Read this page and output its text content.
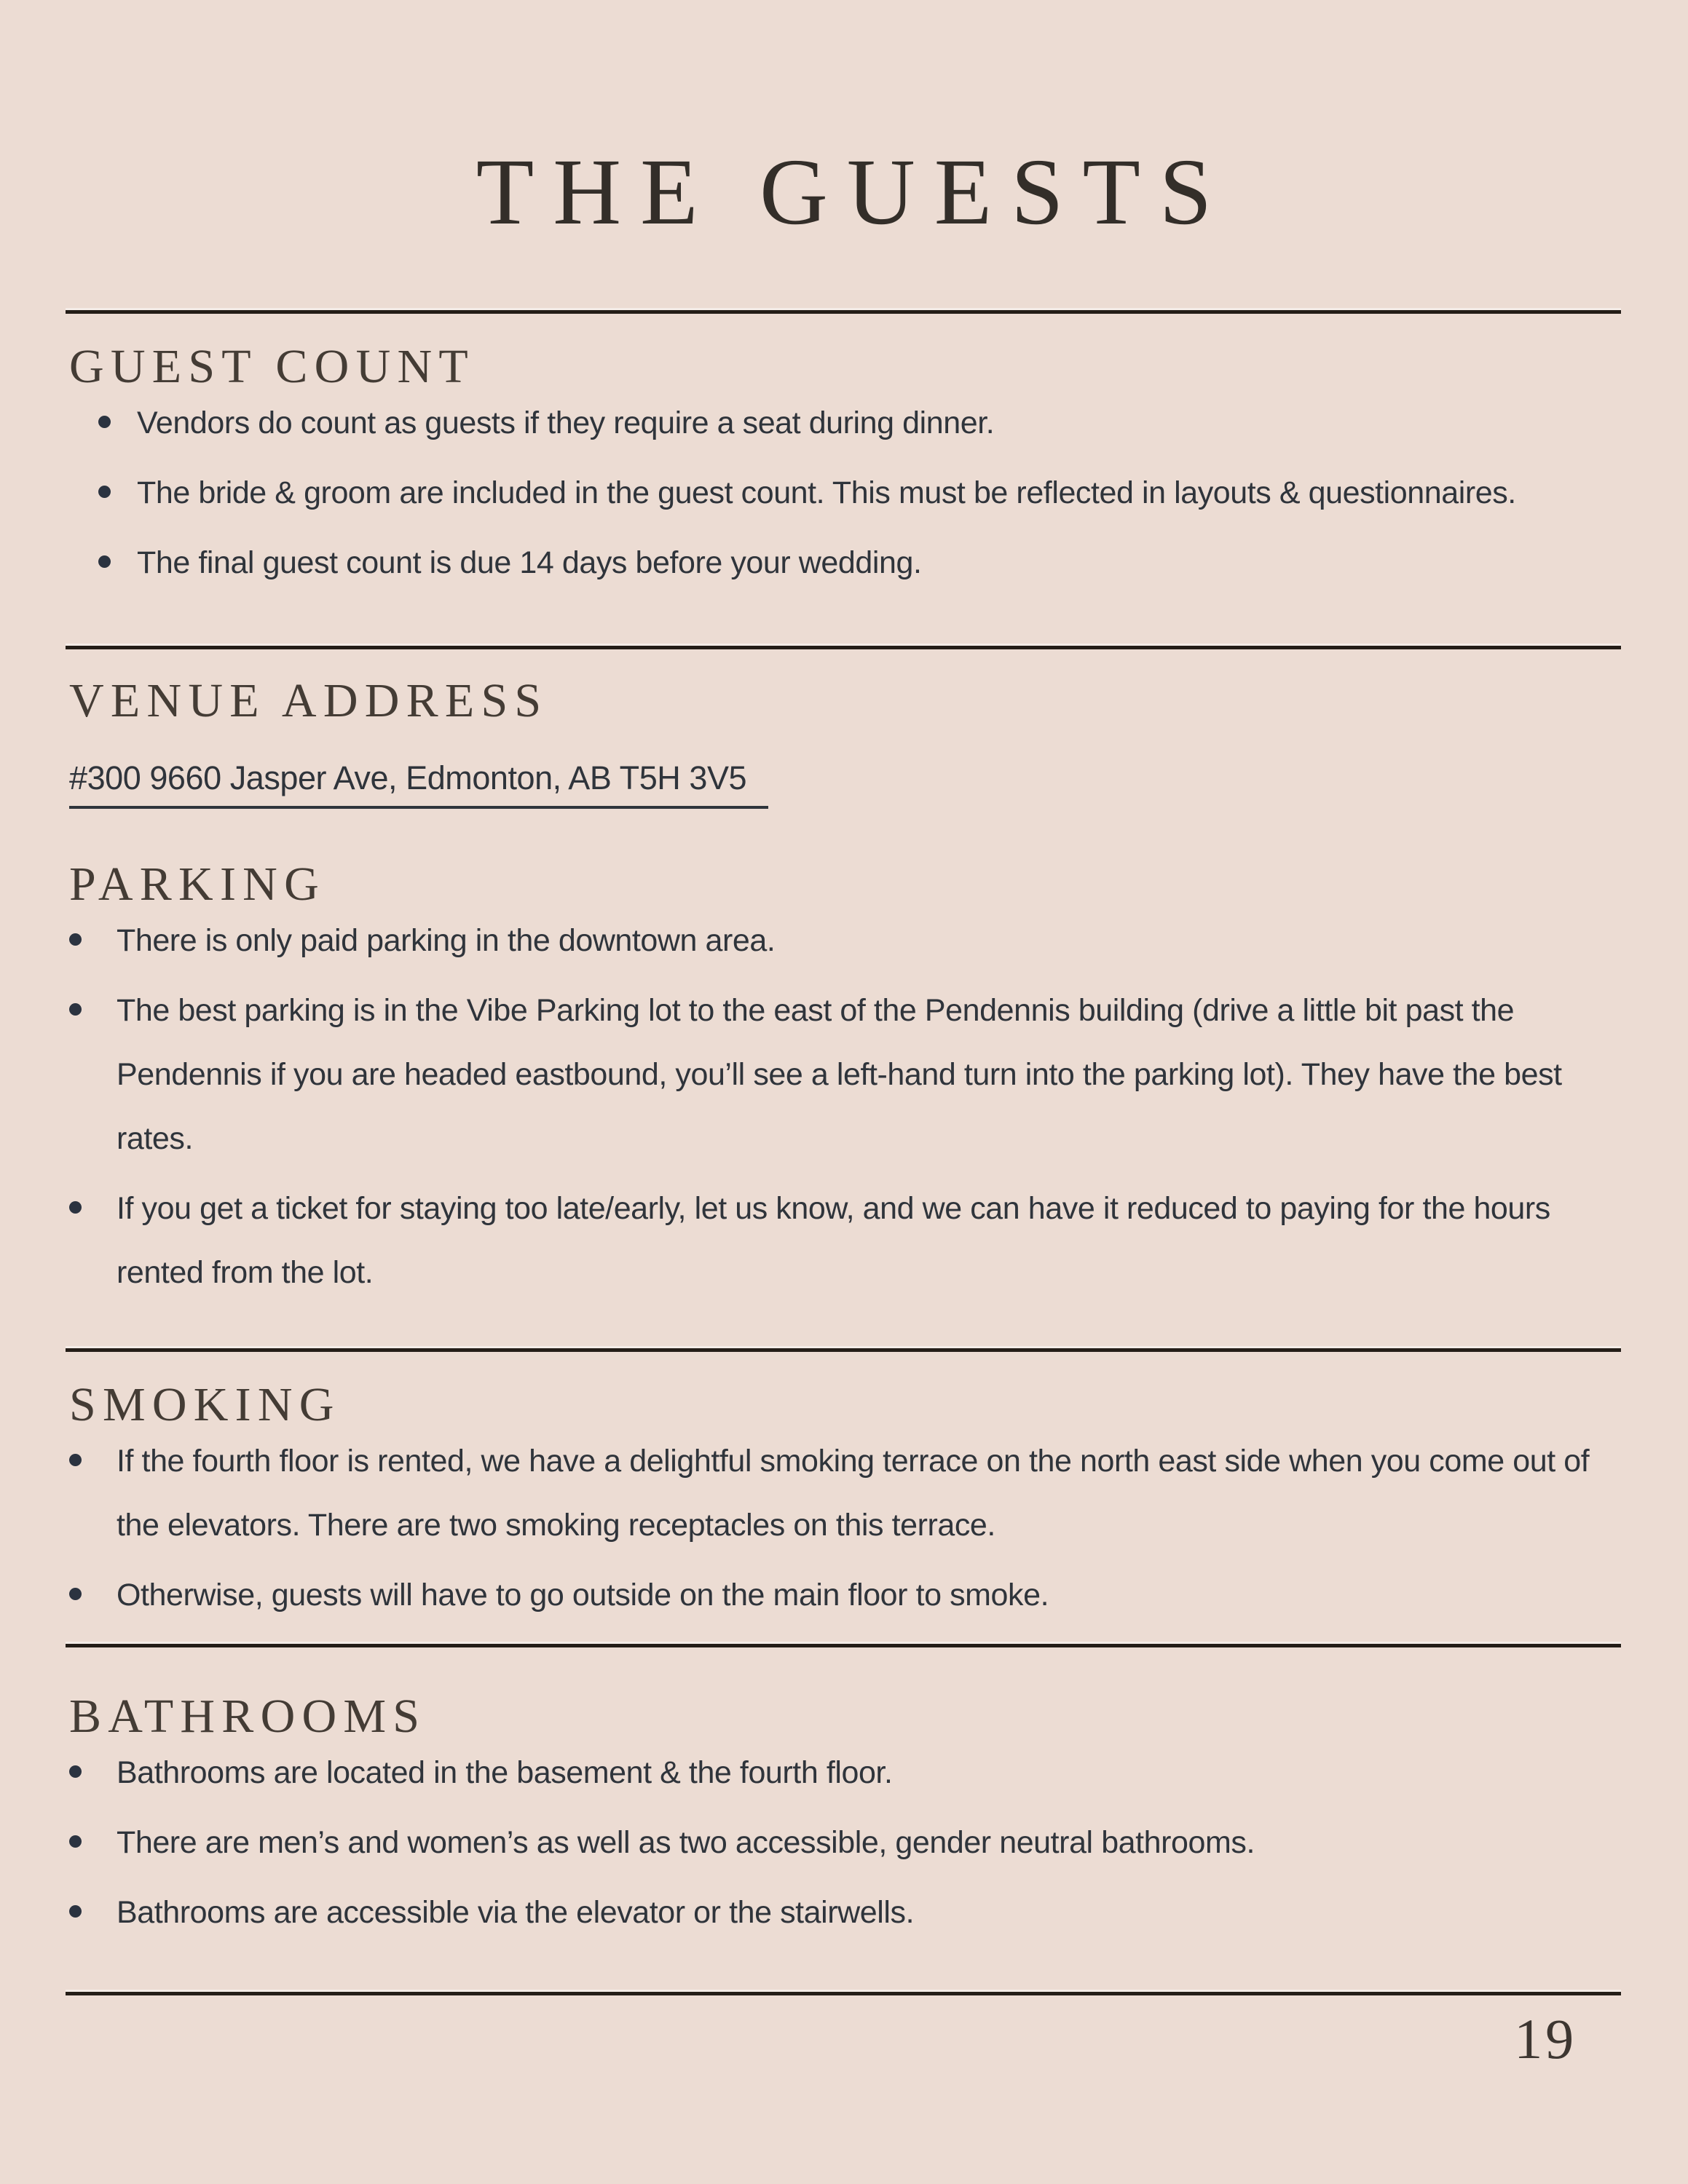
THE GUESTS
GUEST COUNT
Vendors do count as guests if they require a seat during dinner.
The bride & groom are included in the guest count. This must be reflected in layouts & questionnaires.
The final guest count is due 14 days before your wedding.
VENUE ADDRESS
#300 9660 Jasper Ave, Edmonton, AB T5H 3V5
PARKING
There is only paid parking in the downtown area.
The best parking is in the Vibe Parking lot to the east of the Pendennis building (drive a little bit past the Pendennis if you are headed eastbound, you’ll see a left-hand turn into the parking lot). They have the best rates.
If you get a ticket for staying too late/early, let us know, and we can have it reduced to paying for the hours rented from the lot.
SMOKING
If the fourth floor is rented, we have a delightful smoking terrace on the north east side when you come out of the elevators. There are two smoking receptacles on this terrace.
Otherwise, guests will have to go outside on the main floor to smoke.
BATHROOMS
Bathrooms are located in the basement & the fourth floor.
There are men’s and women’s as well as two accessible, gender neutral bathrooms.
Bathrooms are accessible via the elevator or the stairwells.
19
